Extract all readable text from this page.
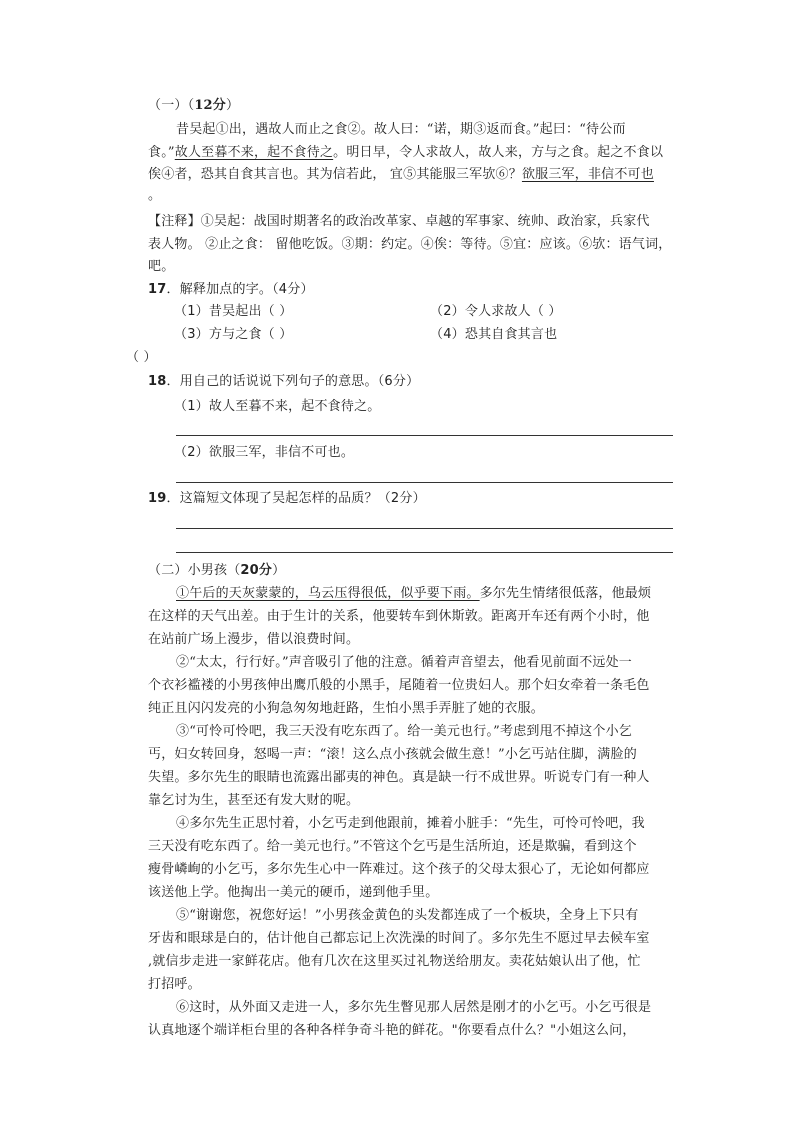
（一）（12分）
昔吴起①出，遇故人而止之食②。故人曰：“诺，期③返而食。”起曰：“待公而
食。”故人至暮不来，起不食待之。明日早，令人求故人，故人来，方与之食。起之不食以
俟④者，恐其自食其言也。其为信若此， 宜⑤其能服三军欤⑥？欲服三军，非信不可也
。
【注释】①吴起：战国时期著名的政治改革家、卓越的军事家、统帅、政治家，兵家代
表人物。 ②止之食： 留他吃饭。③期：约定。④俟：等待。⑤宜：应该。⑥欤：语气词，
吧。
17．解释加点的字。（4分）
（1）昔吴起出（ ）	（2）令人求故人（ ）
（3）方与之食（ ）	（4）恐其自食其言也
（ ）
18．用自己的话说说下列句子的意思。（6分）
（1）故人至暮不来，起不食待之。
（2）欲服三军，非信不可也。
19．这篇短文体现了吴起怎样的品质？（2分）
（二）小男孩（20分）
①午后的天灰蒙蒙的，乌云压得很低，似乎要下雨。多尔先生情绪很低落，他最烦
在这样的天气出差。由于生计的关系，他要转车到休斯敦。距离开车还有两个小时，他
在站前广场上漫步，借以浪费时间。
②“太太，行行好。”声音吸引了他的注意。循着声音望去，他看见前面不远处一
个衣衫褴褛的小男孩伸出鹰爪般的小黑手，尾随着一位贵妇人。那个妇女牵着一条毛色
纯正且闪闪发亮的小狗急匆匆地赶路，生怕小黑手弄脏了她的衣服。
③“可怜可怜吧，我三天没有吃东西了。给一美元也行。”考虑到甩不掉这个小乞
丐，妇女转回身，怒喝一声：“滚！这么点小孩就会做生意！”小乞丐站住脚，满脸的
失望。多尔先生的眼睛也流露出鄙夷的神色。真是缺一行不成世界。听说专门有一种人
靠乞讨为生，甚至还有发大财的呢。
④多尔先生正思忖着，小乞丐走到他跟前，摊着小脏手：“先生，可怜可怜吧，我
三天没有吃东西了。给一美元也行。”不管这个乞丐是生活所迫，还是欺骗，看到这个
瘦骨嶙峋的小乞丐，多尔先生心中一阵难过。这个孩子的父母太狠心了，无论如何都应
该送他上学。他掏出一美元的硬币，递到他手里。
⑤“谢谢您，祝您好运！”小男孩金黄色的头发都连成了一个板块，全身上下只有
牙齿和眼球是白的，估计他自己都忘记上次洗澡的时间了。多尔先生不愿过早去候车室
,就信步走进一家鲜花店。他有几次在这里买过礼物送给朋友。卖花姑娘认出了他，忙
打招呼。
⑥这时，从外面又走进一人，多尔先生瞥见那人居然是刚才的小乞丐。小乞丐很是
认真地逐个端详柜台里的各种各样争奇斗艳的鲜花。"你要看点什么？"小姐这么问，
